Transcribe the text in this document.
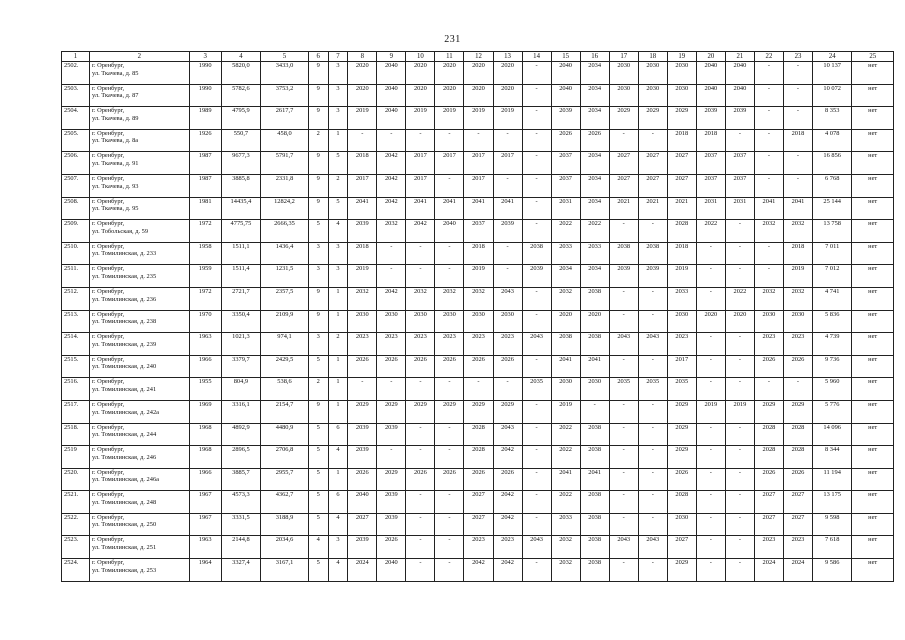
231
1	2	3	4	5	6	7	8	9	10	11	12	13	14	15	16	17	18	19	20	21	22	23	24	25
2502.	г. Оренбург,
ул. Ткачева, д. 85	1990	5820,0	3433,0	9	3	2020	2040	2020	2020	2020	2020	-	2040	2034	2030	2030	2030	2040	2040	-	-	10 137	нет
2503.	г. Оренбург,
ул. Ткачева, д. 87	1990	5782,6	3753,2	9	3	2020	2040	2020	2020	2020	2020	-	2040	2034	2030	2030	2030	2040	2040	-	-	10 072	нет
2504.	г. Оренбург,
ул. Ткачева, д. 89	1989	4795,9	2617,7	9	3	2019	2040	2019	2019	2019	2019	-	2039	2034	2029	2029	2029	2039	2039	-	-	8 353	нет
2505.	г. Оренбург,
ул. Ткачева, д. 8а	1926	550,7	458,0	2	1	-	-	-	-	-	-	-	2026	2026	-	-	2018	2018	-	-	2018	4 078	нет
2506.	г. Оренбург,
ул. Ткачева, д. 91	1987	9677,3	5791,7	9	5	2018	2042	2017	2017	2017	2017	-	2037	2034	2027	2027	2027	2037	2037	-	-	16 856	нет
2507.	г. Оренбург,
ул. Ткачева, д. 93	1987	3885,8	2331,8	9	2	2017	2042	2017	-	2017	-	-	2037	2034	2027	2027	2027	2037	2037	-	-	6 768	нет
2508.	г. Оренбург,
ул. Ткачева, д. 95	1981	14435,4	12824,2	9	5	2041	2042	2041	2041	2041	2041	-	2031	2034	2021	2021	2021	2031	2031	2041	2041	25 144	нет
2509.	г. Оренбург,
ул. Тобольская, д. 59	1972	4775,75	2666,35	5	4	2039	2032	2042	2040	2037	2039	-	2022	2022	-	-	2028	2022	-	2032	2032	13 758	нет
2510.	г. Оренбург,
ул. Томилинская, д. 233	1958	1511,1	1436,4	3	3	2018	-	-	-	2018	-	2038	2033	2033	2038	2038	2018	-	-	-	2018	7 011	нет
2511.	г. Оренбург,
ул. Томилинская, д. 235	1959	1511,4	1231,5	3	3	2019	-	-	-	2019	-	2039	2034	2034	2039	2039	2019	-	-	-	2019	7 012	нет
2512.	г. Оренбург,
ул. Томилинская, д. 236	1972	2721,7	2357,5	9	1	2032	2042	2032	2032	2032	2043	-	2032	2038	-	-	2033	-	2022	2032	2032	4 741	нет
2513.	г. Оренбург,
ул. Томилинская, д. 238	1970	3350,4	2109,9	9	1	2030	2030	2030	2030	2030	2030	-	2020	2020	-	-	2030	2020	2020	2030	2030	5 836	нет
2514.	г. Оренбург,
ул. Томилинская, д. 239	1963	1021,3	974,1	3	2	2023	2023	2023	2023	2023	2023	2043	2038	2038	2043	2043	2023	-	-	2023	2023	4 739	нет
2515.	г. Оренбург,
ул. Томилинская, д. 240	1966	3379,7	2429,5	5	1	2026	2026	2026	2026	2026	2026	-	2041	2041	-	-	2017	-	-	2026	2026	9 736	нет
2516.	г. Оренбург,
ул. Томилинская, д. 241	1955	804,9	538,6	2	1	-	-	-	-	-	-	2035	2030	2030	2035	2035	2035	-	-	-	-	5 960	нет
2517.	г. Оренбург,
ул. Томилинская, д. 242а	1969	3316,1	2154,7	9	1	2029	2029	2029	2029	2029	2029	-	2019	-	-	-	2029	2019	2019	2029	2029	5 776	нет
2518.	г. Оренбург,
ул. Томилинская, д. 244	1968	4892,9	4480,9	5	6	2039	2039	-	-	2028	2043	-	2022	2038	-	-	2029	-	-	2028	2028	14 096	нет
2519	г. Оренбург,
ул. Томилинская, д. 246	1968	2896,5	2706,8	5	4	2039	-	-	-	2028	2042	-	2022	2038	-	-	2029	-	-	2028	2028	8 344	нет
2520.	г. Оренбург,
ул. Томилинская, д. 246а	1966	3885,7	2955,7	5	1	2026	2029	2026	2026	2026	2026	-	2041	2041	-	-	2026	-	-	2026	2026	11 194	нет
2521.	г. Оренбург,
ул. Томилинская, д. 248	1967	4573,3	4362,7	5	6	2040	2039	-	-	2027	2042	-	2022	2038	-	-	2028	-	-	2027	2027	13 175	нет
2522.	г. Оренбург,
ул. Томилинская, д. 250	1967	3331,5	3188,9	5	4	2027	2039	-	-	2027	2042	-	2033	2038	-	-	2030	-	-	2027	2027	9 598	нет
2523.	г. Оренбург,
ул. Томилинская, д. 251	1963	2144,8	2034,6	4	3	2039	2026	-	-	2023	2023	2043	2032	2038	2043	2043	2027	-	-	2023	2023	7 618	нет
2524.	г. Оренбург,
ул. Томилинская, д. 253	1964	3327,4	3167,1	5	4	2024	2040	-	-	2042	2042	-	2032	2038	-	-	2029	-	-	2024	2024	9 586	нет
